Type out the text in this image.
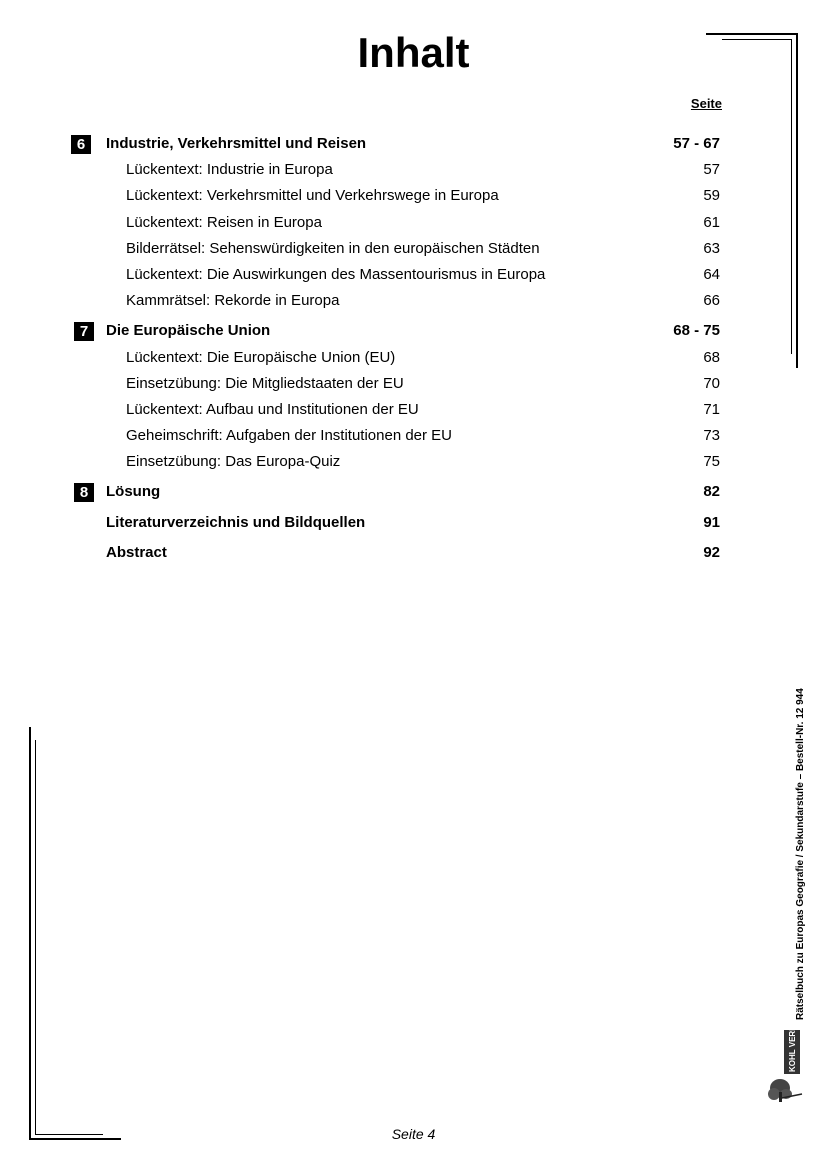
Inhalt
Seite
6	Industrie, Verkehrsmittel und Reisen	57 - 67
Lückentext: Industrie in Europa	57
Lückentext: Verkehrsmittel und Verkehrswege in Europa	59
Lückentext: Reisen in Europa	61
Bilderrätsel: Sehenswürdigkeiten in den europäischen Städten	63
Lückentext: Die Auswirkungen des Massentourismus in Europa	64
Kammrätsel: Rekorde in Europa	66
7	Die Europäische Union	68 - 75
Lückentext: Die Europäische Union (EU)	68
Einsetzübung: Die Mitgliedstaaten der EU	70
Lückentext: Aufbau und Institutionen der EU	71
Geheimschrift: Aufgaben der Institutionen der EU	73
Einsetzübung: Das Europa-Quiz	75
8	Lösung	82
Literaturverzeichnis und Bildquellen	91
Abstract	92
Rätselbuch zu Europas Geografie / Sekundarstufe – Bestell-Nr. 12 944
KOHL VERLAG
Seite 4
